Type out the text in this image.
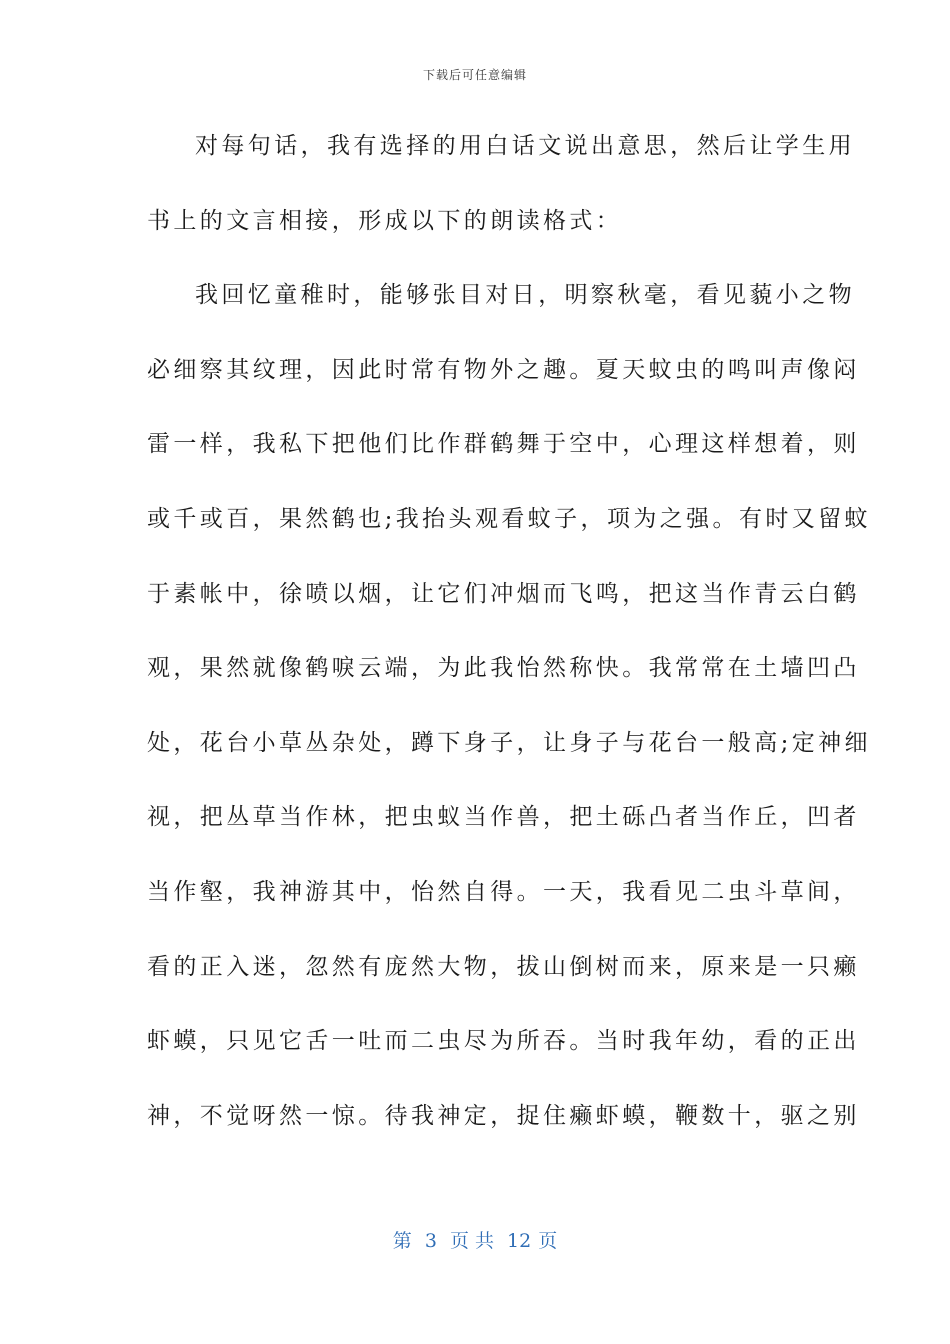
下载后可任意编辑
对每句话，我有选择的用白话文说出意思，然后让学生用
书上的文言相接，形成以下的朗读格式：
我回忆童稚时，能够张目对日，明察秋毫，看见藐小之物
必细察其纹理，因此时常有物外之趣。夏天蚊虫的鸣叫声像闷
雷一样，我私下把他们比作群鹤舞于空中，心理这样想着，则
或千或百，果然鹤也;我抬头观看蚊子，项为之强。有时又留蚊
于素帐中，徐喷以烟，让它们冲烟而飞鸣，把这当作青云白鹤
观，果然就像鹤唳云端，为此我怡然称快。我常常在土墙凹凸
处，花台小草丛杂处，蹲下身子，让身子与花台一般高;定神细
视，把丛草当作林，把虫蚁当作兽，把土砾凸者当作丘，凹者
当作壑，我神游其中，怡然自得。一天，我看见二虫斗草间，
看的正入迷，忽然有庞然大物，拔山倒树而来，原来是一只癞
虾蟆，只见它舌一吐而二虫尽为所吞。当时我年幼，看的正出
神，不觉呀然一惊。待我神定，捉住癞虾蟆，鞭数十，驱之别
第 3 页 共 12 页
